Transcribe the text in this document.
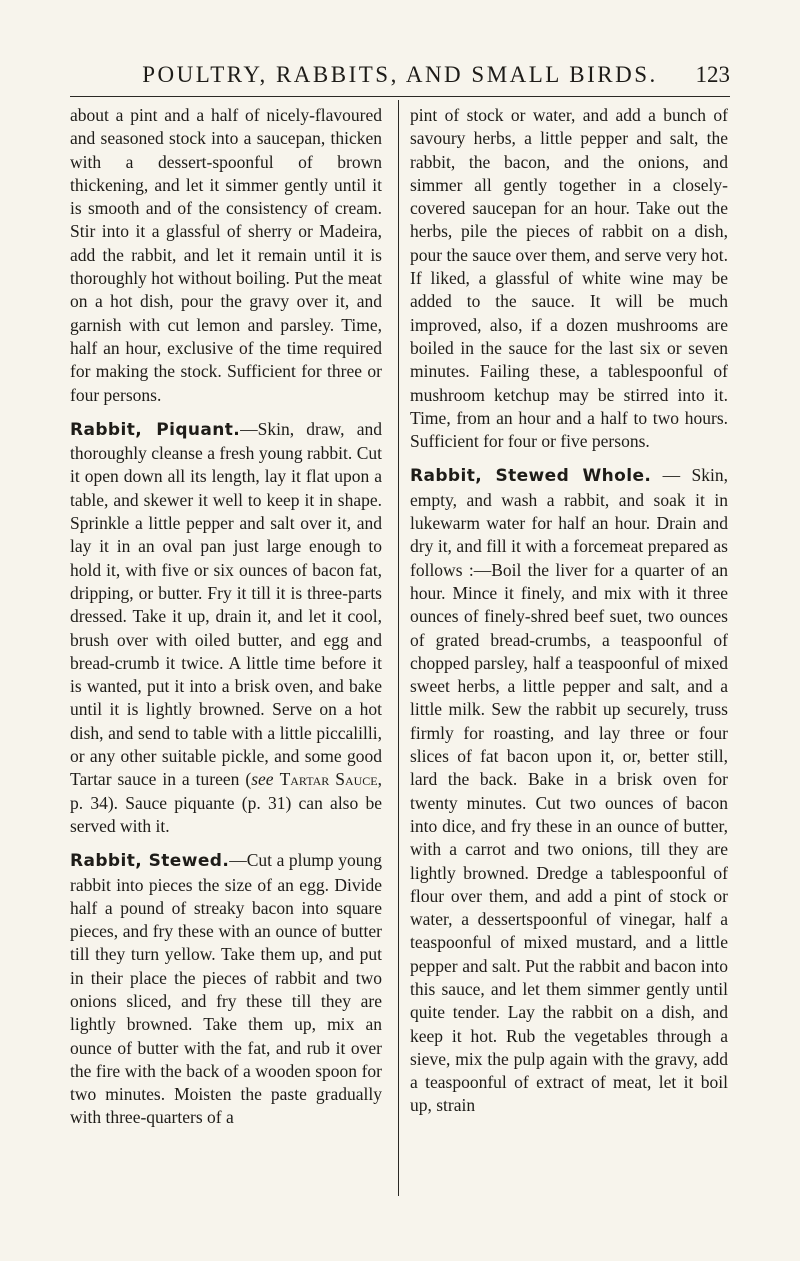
POULTRY, RABBITS, AND SMALL BIRDS.	123

about a pint and a half of nicely-flavoured and seasoned stock into a saucepan, thicken with a dessert-spoonful of brown thickening, and let it simmer gently until it is smooth and of the consistency of cream. Stir into it a glassful of sherry or Madeira, add the rabbit, and let it remain until it is thoroughly hot without boiling. Put the meat on a hot dish, pour the gravy over it, and garnish with cut lemon and parsley. Time, half an hour, exclusive of the time required for making the stock. Sufficient for three or four persons.

Rabbit, Piquant.—Skin, draw, and thoroughly cleanse a fresh young rabbit. Cut it open down all its length, lay it flat upon a table, and skewer it well to keep it in shape. Sprinkle a little pepper and salt over it, and lay it in an oval pan just large enough to hold it, with five or six ounces of bacon fat, dripping, or butter. Fry it till it is three-parts dressed. Take it up, drain it, and let it cool, brush over with oiled butter, and egg and bread-crumb it twice. A little time before it is wanted, put it into a brisk oven, and bake until it is lightly browned. Serve on a hot dish, and send to table with a little piccalilli, or any other suitable pickle, and some good Tartar sauce in a tureen (see Tartar Sauce, p. 34). Sauce piquante (p. 31) can also be served with it.

Rabbit, Stewed.—Cut a plump young rabbit into pieces the size of an egg. Divide half a pound of streaky bacon into square pieces, and fry these with an ounce of butter till they turn yellow. Take them up, and put in their place the pieces of rabbit and two onions sliced, and fry these till they are lightly browned. Take them up, mix an ounce of butter with the fat, and rub it over the fire with the back of a wooden spoon for two minutes. Moisten the paste gradually with three-quarters of a

pint of stock or water, and add a bunch of savoury herbs, a little pepper and salt, the rabbit, the bacon, and the onions, and simmer all gently together in a closely-covered saucepan for an hour. Take out the herbs, pile the pieces of rabbit on a dish, pour the sauce over them, and serve very hot. If liked, a glassful of white wine may be added to the sauce. It will be much improved, also, if a dozen mushrooms are boiled in the sauce for the last six or seven minutes. Failing these, a tablespoonful of mushroom ketchup may be stirred into it. Time, from an hour and a half to two hours. Sufficient for four or five persons.

Rabbit, Stewed Whole. — Skin, empty, and wash a rabbit, and soak it in lukewarm water for half an hour. Drain and dry it, and fill it with a forcemeat prepared as follows :—Boil the liver for a quarter of an hour. Mince it finely, and mix with it three ounces of finely-shred beef suet, two ounces of grated bread-crumbs, a teaspoonful of chopped parsley, half a teaspoonful of mixed sweet herbs, a little pepper and salt, and a little milk. Sew the rabbit up securely, truss firmly for roasting, and lay three or four slices of fat bacon upon it, or, better still, lard the back. Bake in a brisk oven for twenty minutes. Cut two ounces of bacon into dice, and fry these in an ounce of butter, with a carrot and two onions, till they are lightly browned. Dredge a tablespoonful of flour over them, and add a pint of stock or water, a dessertspoonful of vinegar, half a teaspoonful of mixed mustard, and a little pepper and salt. Put the rabbit and bacon into this sauce, and let them simmer gently until quite tender. Lay the rabbit on a dish, and keep it hot. Rub the vegetables through a sieve, mix the pulp again with the gravy, add a teaspoonful of extract of meat, let it boil up, strain
